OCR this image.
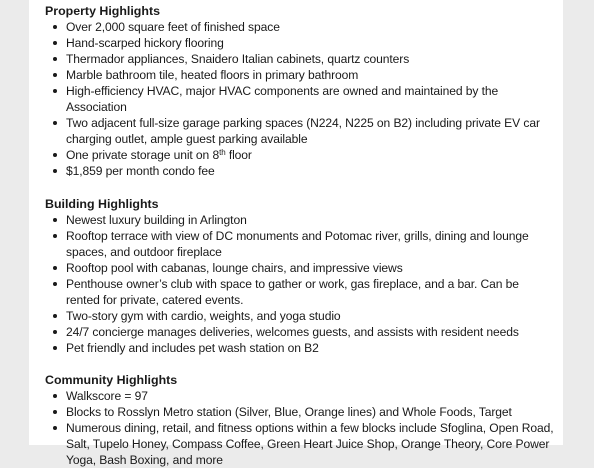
Property Highlights
Over 2,000 square feet of finished space
Hand-scarped hickory flooring
Thermador appliances, Snaidero Italian cabinets, quartz counters
Marble bathroom tile, heated floors in primary bathroom
High-efficiency HVAC, major HVAC components are owned and maintained by the Association
Two adjacent full-size garage parking spaces (N224, N225 on B2) including private EV car charging outlet, ample guest parking available
One private storage unit on 8th floor
$1,859 per month condo fee
Building Highlights
Newest luxury building in Arlington
Rooftop terrace with view of DC monuments and Potomac river, grills, dining and lounge spaces, and outdoor fireplace
Rooftop pool with cabanas, lounge chairs, and impressive views
Penthouse owner’s club with space to gather or work, gas fireplace, and a bar. Can be rented for private, catered events.
Two-story gym with cardio, weights, and yoga studio
24/7 concierge manages deliveries, welcomes guests, and assists with resident needs
Pet friendly and includes pet wash station on B2
Community Highlights
Walkscore = 97
Blocks to Rosslyn Metro station (Silver, Blue, Orange lines) and Whole Foods, Target
Numerous dining, retail, and fitness options within a few blocks include Sfoglina, Open Road, Salt, Tupelo Honey, Compass Coffee, Green Heart Juice Shop, Orange Theory, Core Power Yoga, Bash Boxing, and more
